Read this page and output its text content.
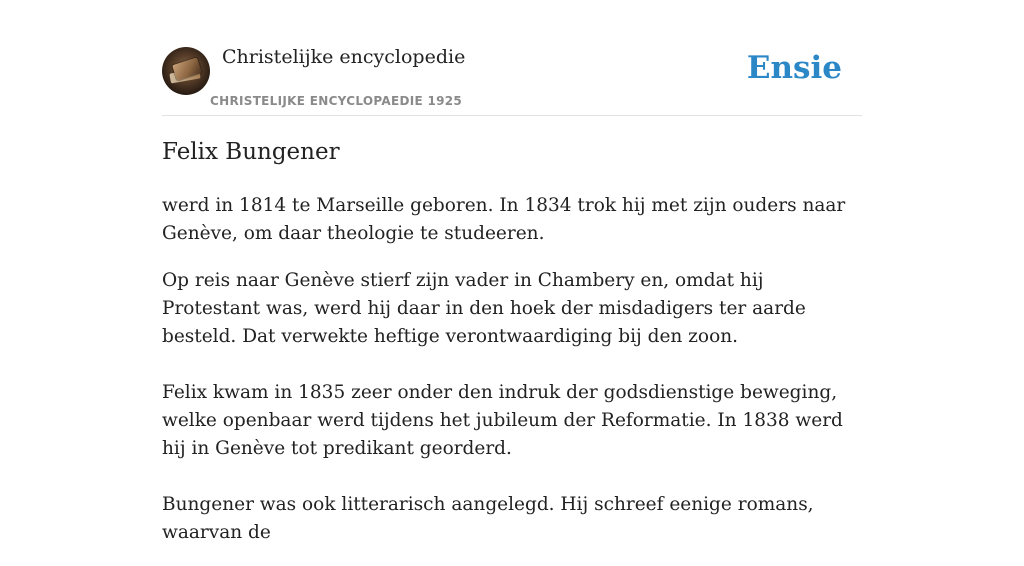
Christelijke encyclopedie
CHRISTELIJKE ENCYCLOPAEDIE 1925
Ensie
Felix Bungener

werd in 1814 te Marseille geboren. In 1834 trok hij met zijn ouders naar Genève, om daar theologie te studeeren.

Op reis naar Genève stierf zijn vader in Chambery en, omdat hij Protestant was, werd hij daar in den hoek der misdadigers ter aarde besteld. Dat verwekte heftige verontwaardiging bij den zoon.

Felix kwam in 1835 zeer onder den indruk der godsdienstige beweging, welke openbaar werd tijdens het jubileum der Reformatie. In 1838 werd hij in Genève tot predikant georderd.

Bungener was ook litterarisch aangelegd. Hij schreef eenige romans, waarvan de
